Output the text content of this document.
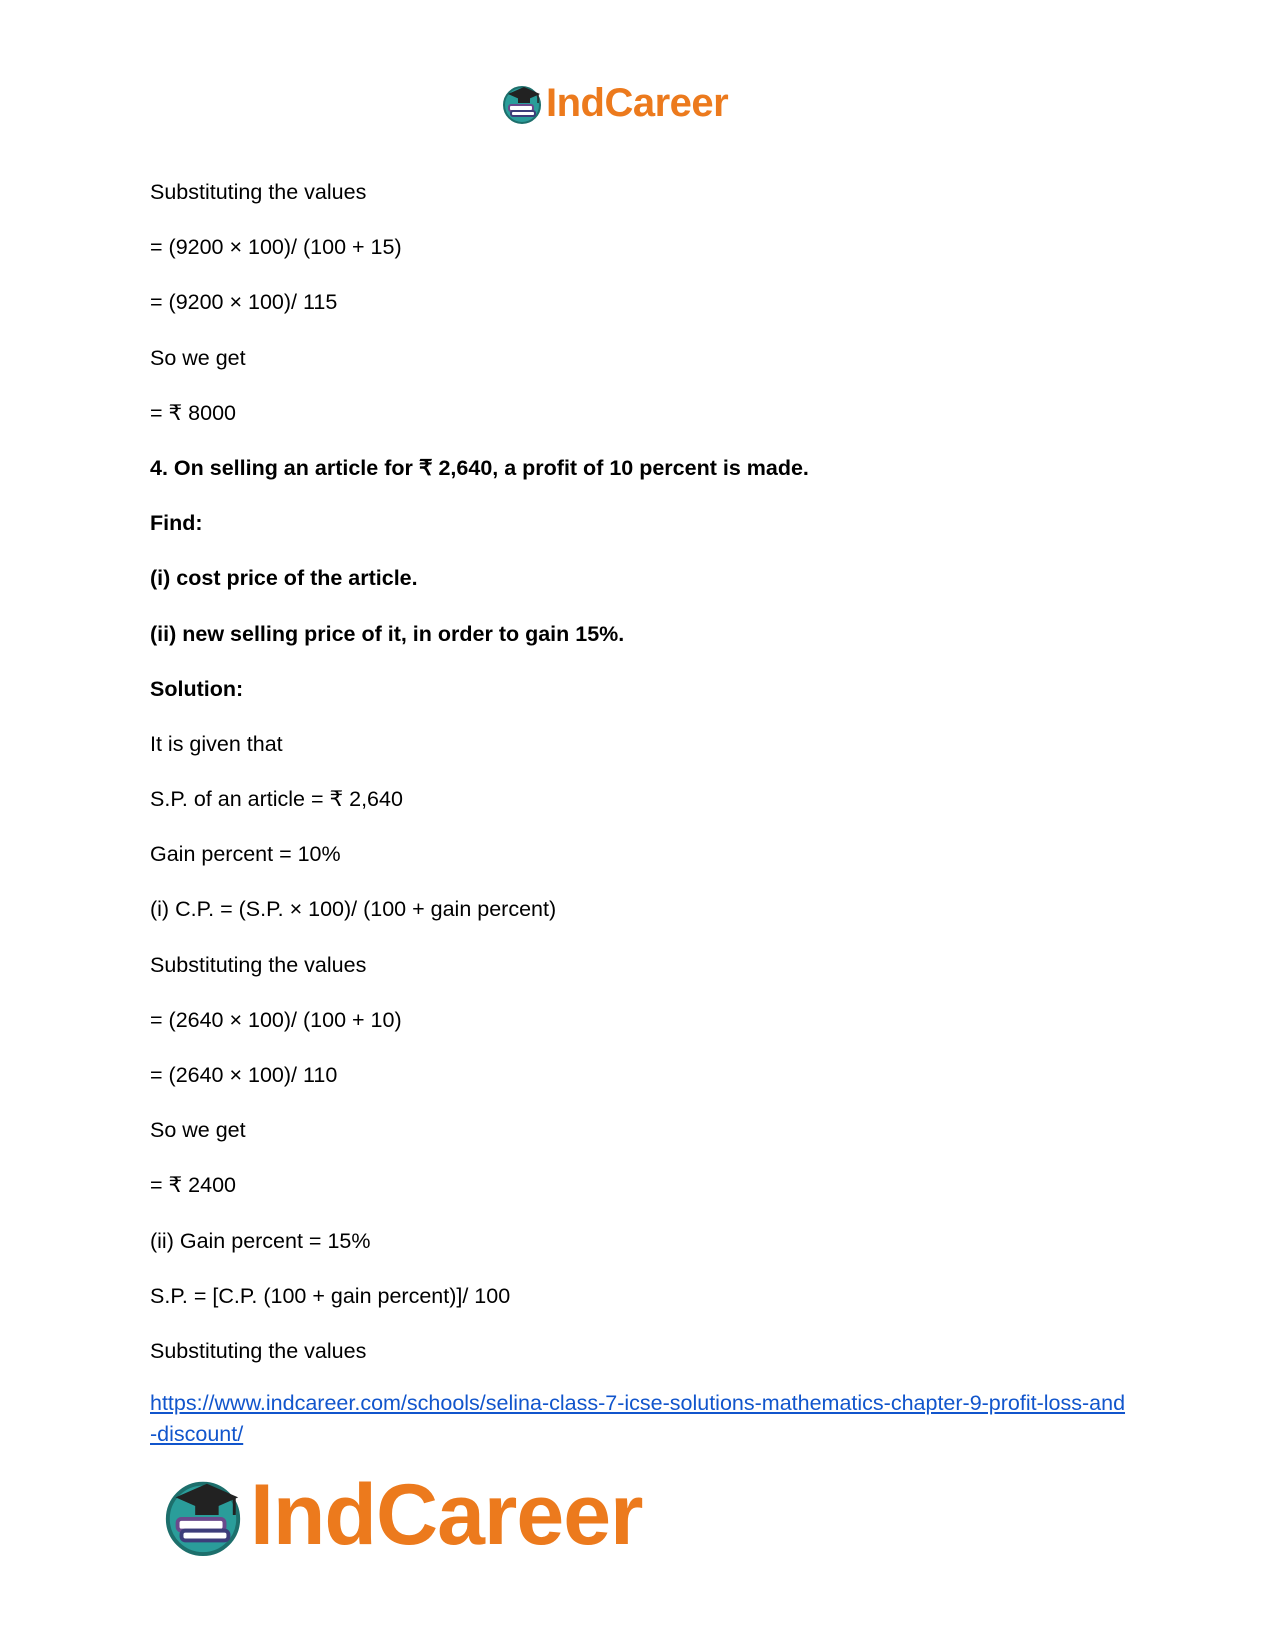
IndCareer
Substituting the values
= (9200 × 100)/ (100 + 15)
= (9200 × 100)/ 115
So we get
= ₹ 8000
4. On selling an article for ₹ 2,640, a profit of 10 percent is made.
Find:
(i) cost price of the article.
(ii) new selling price of it, in order to gain 15%.
Solution:
It is given that
S.P. of an article = ₹ 2,640
Gain percent = 10%
(i) C.P. = (S.P. × 100)/ (100 + gain percent)
Substituting the values
= (2640 × 100)/ (100 + 10)
= (2640 × 100)/ 110
So we get
= ₹ 2400
(ii) Gain percent = 15%
S.P. = [C.P. (100 + gain percent)]/ 100
Substituting the values
https://www.indcareer.com/schools/selina-class-7-icse-solutions-mathematics-chapter-9-profit-loss-and-discount/
IndCareer
